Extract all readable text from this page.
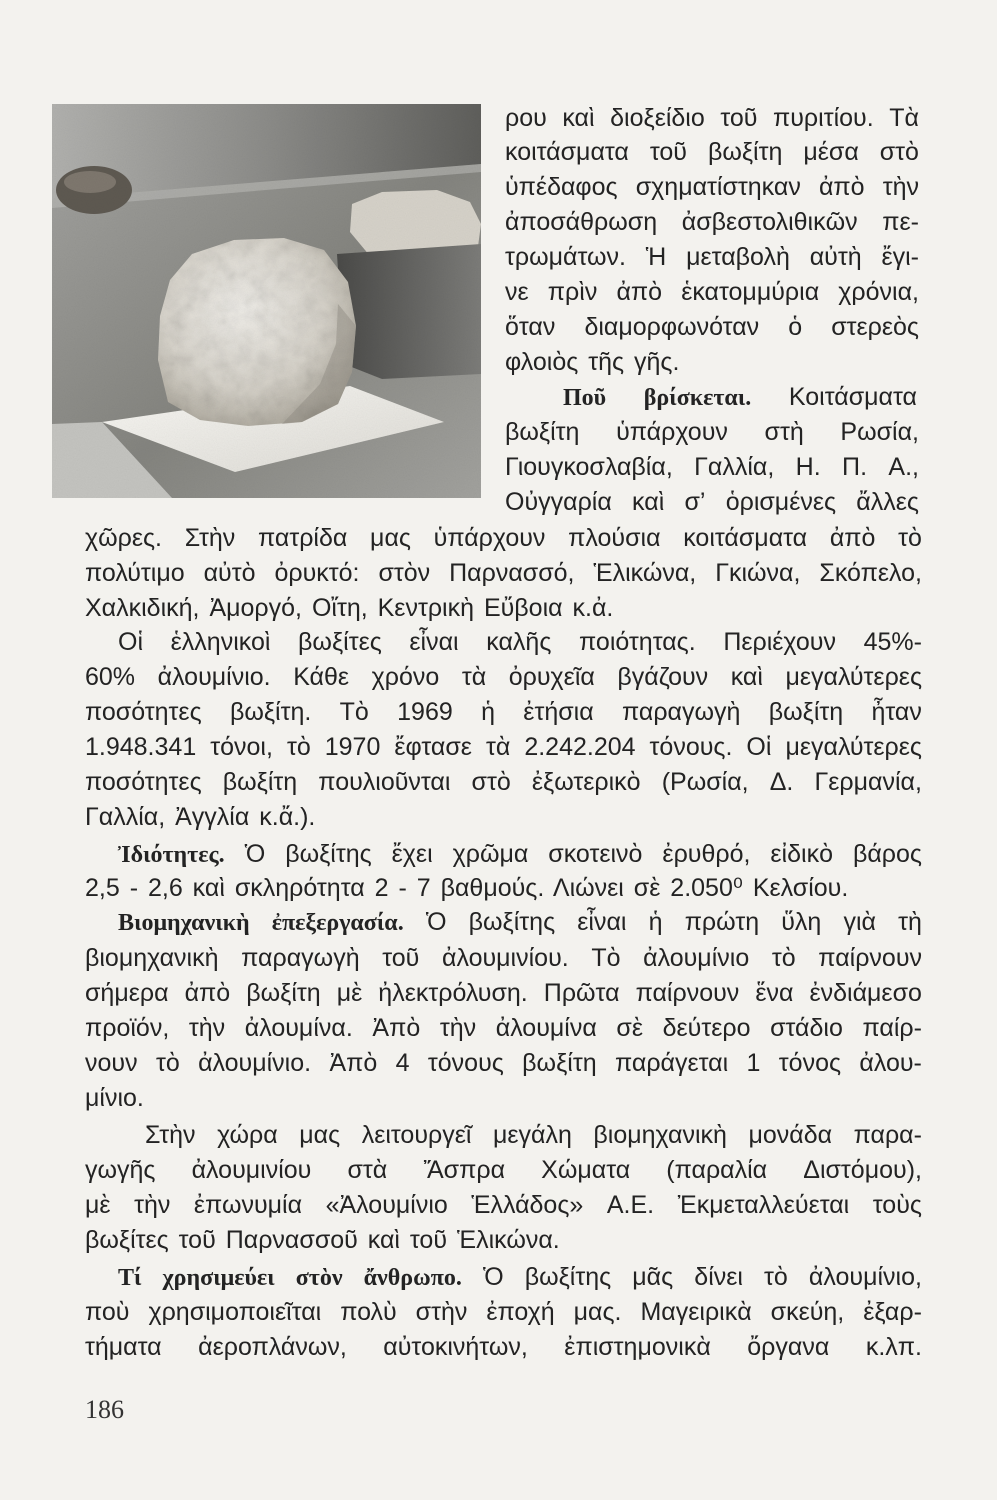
ρου καὶ διοξείδιο τοῦ πυριτίου. Τὰ
κοιτάσματα τοῦ βωξίτη μέσα στὸ
ὑπέδαφος σχηματίστηκαν ἀπὸ τὴν
ἀποσάθρωση ἀσβεστολιθικῶν πε-
τρωμάτων. Ἡ μεταβολὴ αὐτὴ ἔγι-
νε πρὶν ἀπὸ ἑκατομμύρια χρόνια,
ὅταν διαμορφωνόταν ὁ στερεὸς
φλοιὸς τῆς γῆς.
Ποῦ βρίσκεται. Κοιτάσματα
βωξίτη ὑπάρχουν στὴ Ρωσία,
Γιουγκοσλαβία, Γαλλία, Η. Π. Α.,
Οὐγγαρία καὶ σ’ ὁρισμένες ἄλλες
χῶρες. Στὴν πατρίδα μας ὑπάρχουν πλούσια κοιτάσματα ἀπὸ τὸ
πολύτιμο αὐτὸ ὀρυκτό: στὸν Παρνασσό, Ἑλικώνα, Γκιώνα, Σκόπελο,
Χαλκιδική, Ἀμοργό, Οἴτη, Κεντρικὴ Εὔβοια κ.ἀ.
Οἱ ἑλληνικοὶ βωξίτες εἶναι καλῆς ποιότητας. Περιέχουν 45%-
60% ἀλουμίνιο. Κάθε χρόνο τὰ ὀρυχεῖα βγάζουν καὶ μεγαλύτερες
ποσότητες βωξίτη. Τὸ 1969 ἡ ἐτήσια παραγωγὴ βωξίτη ἦταν
1.948.341 τόνοι, τὸ 1970 ἔφτασε τὰ 2.242.204 τόνους. Οἱ μεγαλύτερες
ποσότητες βωξίτη πουλιοῦνται στὸ ἐξωτερικὸ (Ρωσία, Δ. Γερμανία,
Γαλλία, Ἀγγλία κ.ἄ.).
Ἰδιότητες. Ὁ βωξίτης ἔχει χρῶμα σκοτεινὸ ἐρυθρό, εἰδικὸ βάρος
2,5 - 2,6 καὶ σκληρότητα 2 - 7 βαθμούς. Λιώνει σὲ 2.050⁰ Κελσίου.
Βιομηχανικὴ ἐπεξεργασία. Ὁ βωξίτης εἶναι ἡ πρώτη ὕλη γιὰ τὴ
βιομηχανικὴ παραγωγὴ τοῦ ἀλουμινίου. Τὸ ἀλουμίνιο τὸ παίρνουν
σήμερα ἀπὸ βωξίτη μὲ ἠλεκτρόλυση. Πρῶτα παίρνουν ἕνα ἐνδιάμεσο
προϊόν, τὴν ἀλουμίνα. Ἀπὸ τὴν ἀλουμίνα σὲ δεύτερο στάδιο παίρ-
νουν τὸ ἀλουμίνιο. Ἀπὸ 4 τόνους βωξίτη παράγεται 1 τόνος ἀλου-
μίνιο.
Στὴν χώρα μας λειτουργεῖ μεγάλη βιομηχανικὴ μονάδα παρα-
γωγῆς ἀλουμινίου στὰ Ἄσπρα Χώματα (παραλία Διστόμου),
μὲ τὴν ἐπωνυμία «Ἀλουμίνιο Ἑλλάδος» Α.Ε. Ἐκμεταλλεύεται τοὺς
βωξίτες τοῦ Παρνασσοῦ καὶ τοῦ Ἑλικώνα.
Τί χρησιμεύει στὸν ἄνθρωπο. Ὁ βωξίτης μᾶς δίνει τὸ ἀλουμίνιο,
ποὺ χρησιμοποιεῖται πολὺ στὴν ἐποχή μας. Μαγειρικὰ σκεύη, ἐξαρ-
τήματα ἀεροπλάνων, αὐτοκινήτων, ἐπιστημονικὰ ὄργανα κ.λπ.
186
